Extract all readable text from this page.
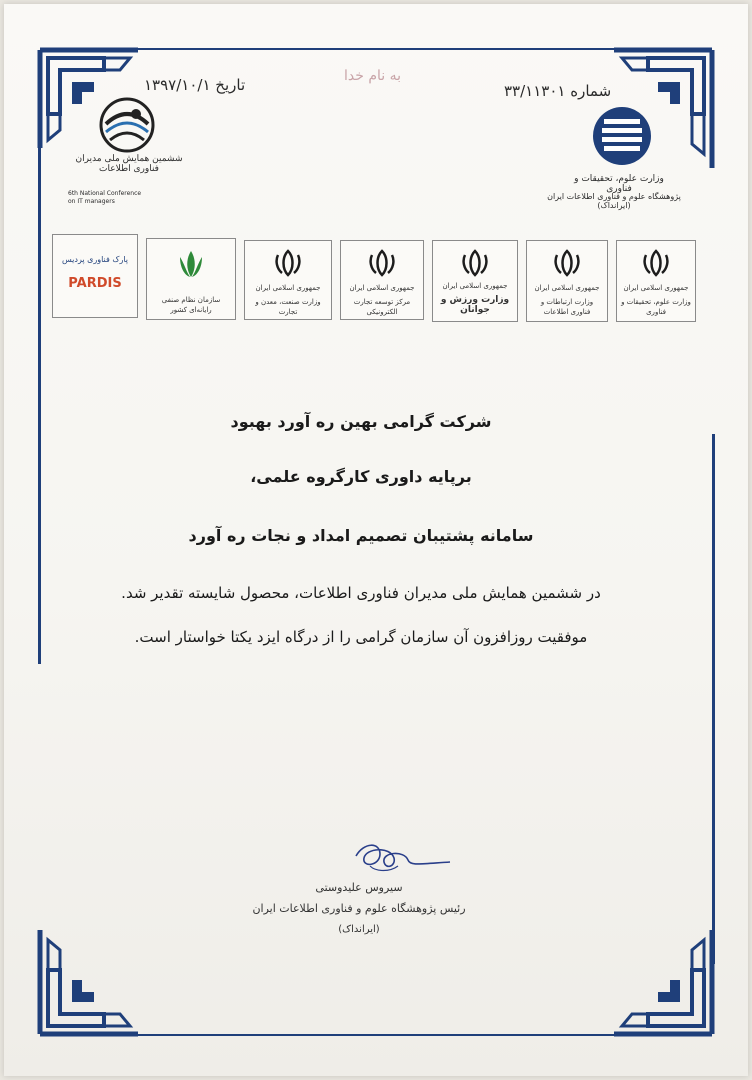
به نام خدا
شماره ۳۳/۱۱۳۰۱
تاریخ ۱۳۹۷/۱۰/۱
ششمین همایش ملی مدیران فناوری اطلاعات
6th National Conference on IT managers
وزارت علوم، تحقیقات و فناوری
پژوهشگاه علوم و فناوری اطلاعات ایران (ایرانداک)
جمهوری اسلامی ایران
وزارت علوم، تحقیقات و فناوری
جمهوری اسلامی ایران
وزارت ارتباطات و فناوری اطلاعات
جمهوری اسلامی ایران
وزارت ورزش و جوانان
جمهوری اسلامی ایران
مرکز توسعه تجارت الکترونیکی
جمهوری اسلامی ایران
وزارت صنعت، معدن و تجارت
سازمان نظام صنفی رایانه‌ای کشور
پارک فناوری پردیس
PARDIS
شرکت گرامی بهین ره آورد بهبود
برپایه داوری کارگروه علمی،
سامانه پشتیبان تصمیم امداد و نجات ره آورد
در ششمین همایش ملی مدیران فناوری اطلاعات، محصول شایسته تقدیر شد.
موفقیت روزافزون آن سازمان گرامی را از درگاه ایزد یکتا خواستار است.
سیروس علیدوستی
رئیس پژوهشگاه علوم و فناوری اطلاعات ایران
(ایرانداک)
